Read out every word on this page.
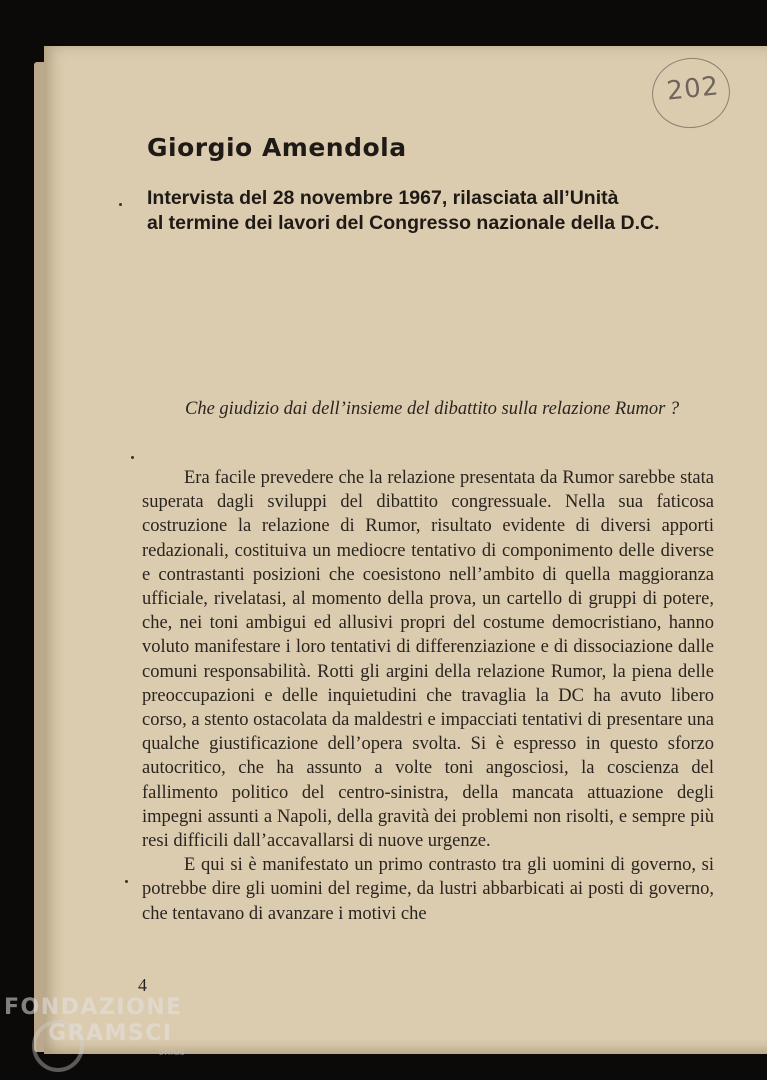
202
Giorgio Amendola
Intervista del 28 novembre 1967, rilasciata all’Unità
al termine dei lavori del Congresso nazionale della D.C.
Che giudizio dai dell’insieme del dibattito sulla relazione Rumor ?

Era facile prevedere che la relazione presentata da Rumor sarebbe stata superata dagli sviluppi del dibattito congressuale. Nella sua faticosa costruzione la relazione di Rumor, risultato evidente di diversi apporti redazionali, costituiva un mediocre tentativo di componimento delle diverse e contrastanti posizioni che coesistono nell’ambito di quella maggioranza ufficiale, rivelatasi, al momento della prova, un cartello di gruppi di potere, che, nei toni ambigui ed allusivi propri del costume democristiano, hanno voluto manifestare i loro tentativi di differenziazione e di dissociazione dalle comuni responsabilità. Rotti gli argini della relazione Rumor, la piena delle preoccupazioni e delle inquietudini che travaglia la DC ha avuto libero corso, a stento ostacolata da maldestri e impacciati tentativi di presentare una qualche giustificazione dell’opera svolta. Si è espresso in questo sforzo autocritico, che ha assunto a volte toni angosciosi, la coscienza del fallimento politico del centro-sinistra, della mancata attuazione degli impegni assunti a Napoli, della gravità dei problemi non risolti, e sempre più resi difficili dall’accavallarsi di nuove urgenze.

E qui si è manifestato un primo contrasto tra gli uomini di governo, si potrebbe dire gli uomini del regime, da lustri abbarbicati ai posti di governo, che tentavano di avanzare i motivi che

4
FONDAZIONE
GRAMSCI
onlus
